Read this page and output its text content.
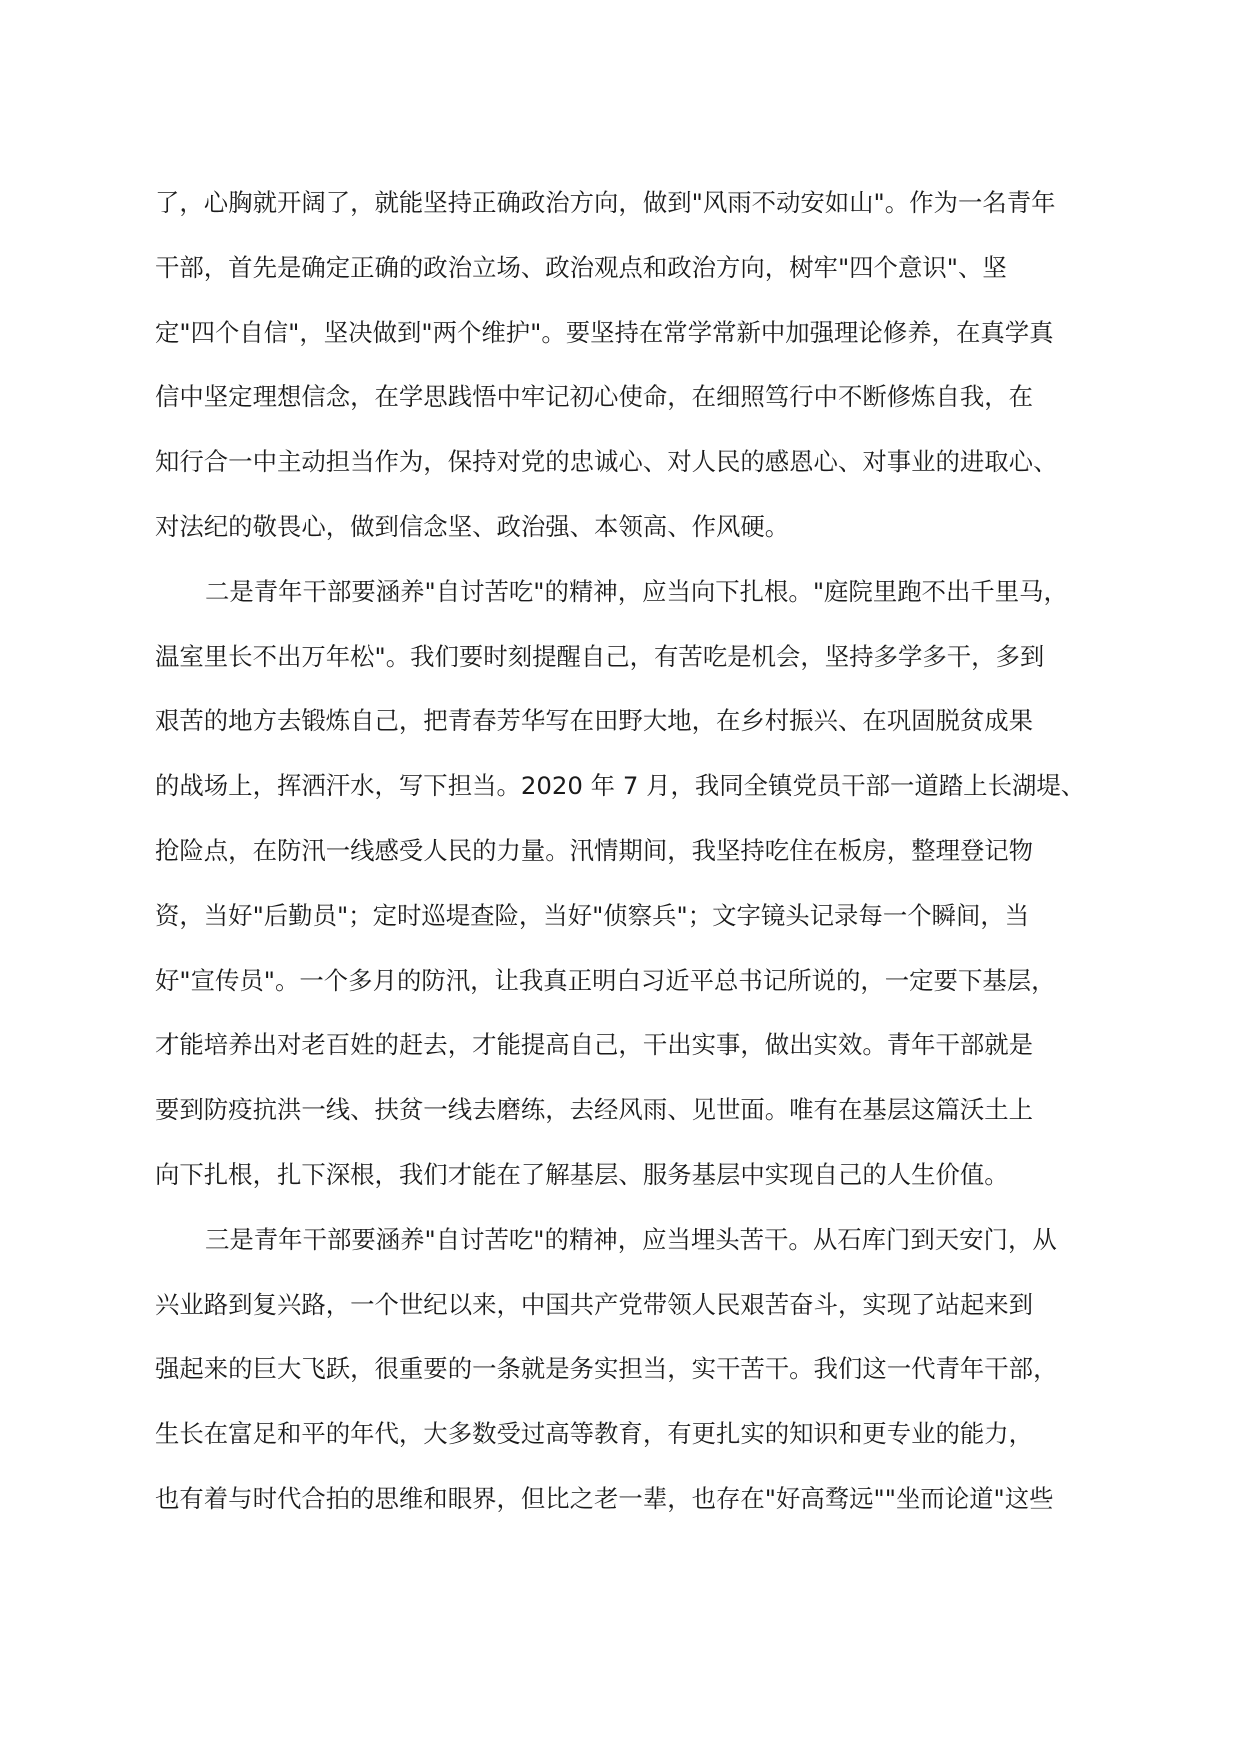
了，心胸就开阔了，就能坚持正确政治方向，做到"风雨不动安如山"。作为一名青年
干部，首先是确定正确的政治立场、政治观点和政治方向，树牢"四个意识"、坚
定"四个自信"，坚决做到"两个维护"。要坚持在常学常新中加强理论修养，在真学真
信中坚定理想信念，在学思践悟中牢记初心使命，在细照笃行中不断修炼自我，在
知行合一中主动担当作为，保持对党的忠诚心、对人民的感恩心、对事业的进取心、
对法纪的敬畏心，做到信念坚、政治强、本领高、作风硬。
二是青年干部要涵养"自讨苦吃"的精神，应当向下扎根。"庭院里跑不出千里马，
温室里长不出万年松"。我们要时刻提醒自己，有苦吃是机会，坚持多学多干，多到
艰苦的地方去锻炼自己，把青春芳华写在田野大地，在乡村振兴、在巩固脱贫成果
的战场上，挥洒汗水，写下担当。2020 年 7 月，我同全镇党员干部一道踏上长湖堤、
抢险点，在防汛一线感受人民的力量。汛情期间，我坚持吃住在板房，整理登记物
资，当好"后勤员"；定时巡堤查险，当好"侦察兵"；文字镜头记录每一个瞬间，当
好"宣传员"。一个多月的防汛，让我真正明白习近平总书记所说的，一定要下基层，
才能培养出对老百姓的赶去，才能提高自己，干出实事，做出实效。青年干部就是
要到防疫抗洪一线、扶贫一线去磨练，去经风雨、见世面。唯有在基层这篇沃土上
向下扎根，扎下深根，我们才能在了解基层、服务基层中实现自己的人生价值。
三是青年干部要涵养"自讨苦吃"的精神，应当埋头苦干。从石库门到天安门，从
兴业路到复兴路，一个世纪以来，中国共产党带领人民艰苦奋斗，实现了站起来到
强起来的巨大飞跃，很重要的一条就是务实担当，实干苦干。我们这一代青年干部，
生长在富足和平的年代，大多数受过高等教育，有更扎实的知识和更专业的能力，
也有着与时代合拍的思维和眼界，但比之老一辈，也存在"好高骛远""坐而论道"这些
